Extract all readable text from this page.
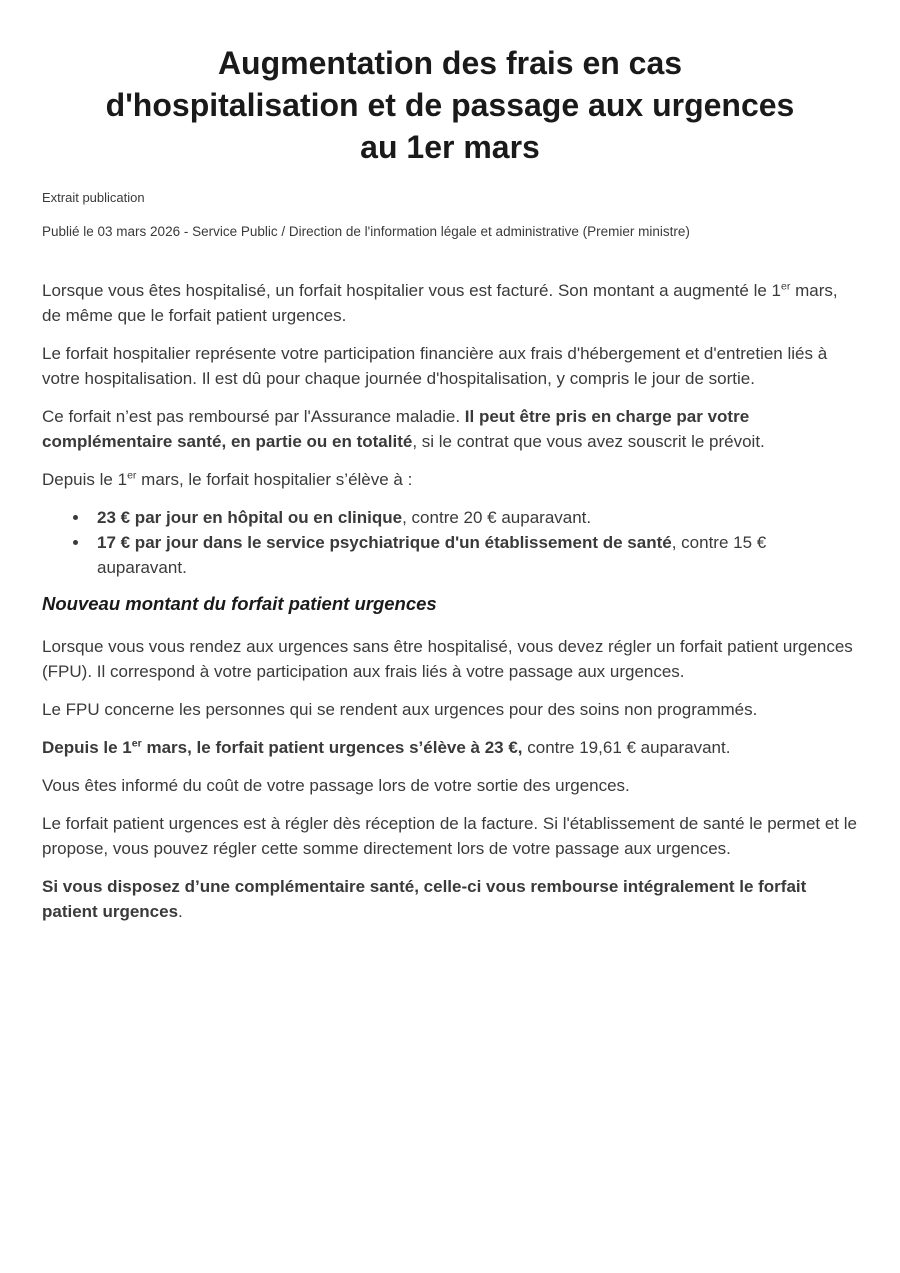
Augmentation des frais en cas
d'hospitalisation et de passage aux urgences
au 1er mars

Extrait publication

Publié le 03 mars 2026 - Service Public / Direction de l'information légale et administrative (Premier ministre)

Lorsque vous êtes hospitalisé, un forfait hospitalier vous est facturé. Son montant a augmenté le 1er mars, de même que le forfait patient urgences.

Le forfait hospitalier représente votre participation financière aux frais d'hébergement et d'entretien liés à votre hospitalisation. Il est dû pour chaque journée d'hospitalisation, y compris le jour de sortie.

Ce forfait n’est pas remboursé par l'Assurance maladie. Il peut être pris en charge par votre complémentaire santé, en partie ou en totalité, si le contrat que vous avez souscrit le prévoit.

Depuis le 1er mars, le forfait hospitalier s’élève à :

23 € par jour en hôpital ou en clinique, contre 20 € auparavant.
17 € par jour dans le service psychiatrique d'un établissement de santé, contre 15 € auparavant.
Nouveau montant du forfait patient urgences

Lorsque vous vous rendez aux urgences sans être hospitalisé, vous devez régler un forfait patient urgences (FPU). Il correspond à votre participation aux frais liés à votre passage aux urgences.

Le FPU concerne les personnes qui se rendent aux urgences pour des soins non programmés.

Depuis le 1er mars, le forfait patient urgences s’élève à 23 €, contre 19,61 € auparavant.

Vous êtes informé du coût de votre passage lors de votre sortie des urgences.

Le forfait patient urgences est à régler dès réception de la facture. Si l'établissement de santé le permet et le propose, vous pouvez régler cette somme directement lors de votre passage aux urgences.

Si vous disposez d’une complémentaire santé, celle-ci vous rembourse intégralement le forfait patient urgences.
